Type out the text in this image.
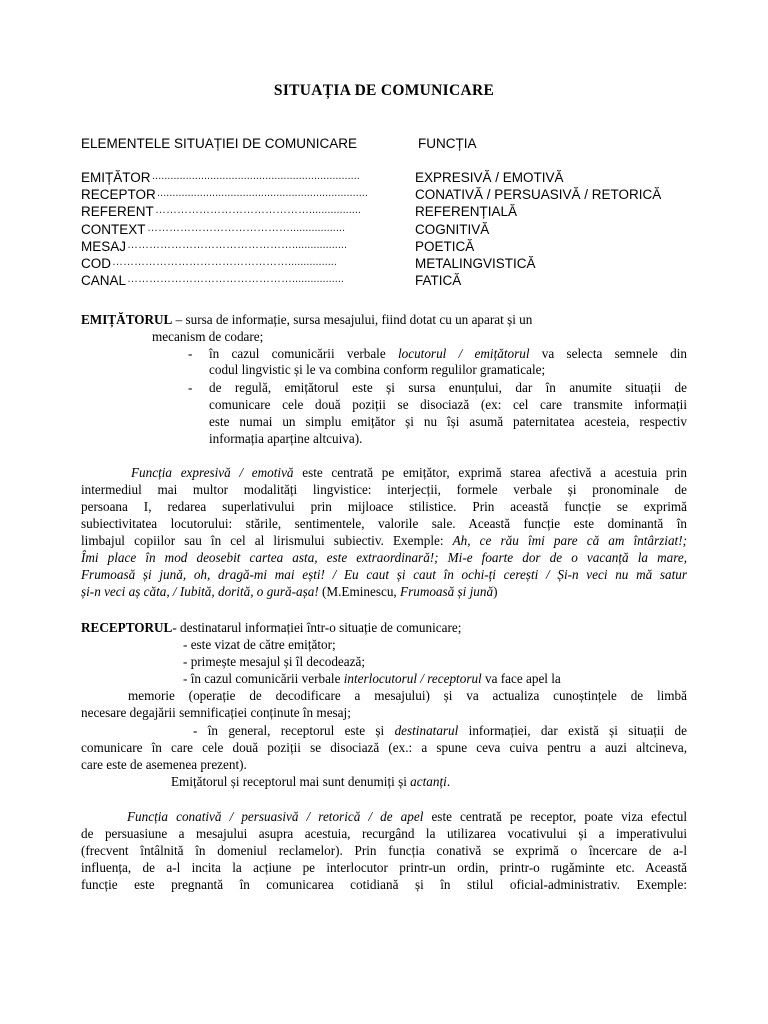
SITUAȚIA DE COMUNICARE
ELEMENTELE SITUAȚIEI DE COMUNICARE	FUNCȚIA
EMIȚĂTOR ....................................................................	EXPRESIVĂ / EMOTIVĂ
RECEPTOR .....................................................................	CONATIVĂ / PERSUASIVĂ / RETORICĂ
REFERENT …………………………………….................	REFERENȚIALĂ
CONTEXT …………………………………..................	COGNITIVĂ
MESAJ ………………………………………..................	POETICĂ
COD …………………………………………................	METALINGVISTICĂ
CANAL ……………………………………….................	FATICĂ
EMIȚĂTORUL – sursa de informație, sursa mesajului, fiind dotat cu un aparat și un
mecanism de codare;
- în cazul comunicării verbale locutorul / emițătorul va selecta semnele din
codul lingvistic și le va combina conform regulilor gramaticale;
- de regulă, emițătorul este și sursa enunțului, dar în anumite situații de
comunicare cele două poziții se disociază (ex: cel care transmite informații
este numai un simplu emițător și nu își asumă paternitatea acesteia, respectiv
informația aparține altcuiva).
Funcția expresivă / emotivă este centrată pe emițător, exprimă starea afectivă a acestuia prin
intermediul mai multor modalități lingvistice: interjecții, formele verbale și pronominale de
persoana I, redarea superlativului prin mijloace stilistice. Prin această funcție se exprimă
subiectivitatea locutorului: stările, sentimentele, valorile sale. Această funcție este dominantă în
limbajul copiilor sau în cel al lirismului subiectiv. Exemple: Ah, ce rău îmi pare că am întârziat!;
Îmi place în mod deosebit cartea asta, este extraordinară!; Mi-e foarte dor de o vacanță la mare,
Frumoasă și jună, oh, dragă-mi mai ești! / Eu caut și caut în ochi-ți cerești / Și-n veci nu mă satur
și-n veci aș căta, / Iubită, dorită, o gură-așa! (M.Eminescu, Frumoasă și jună)
RECEPTORUL- destinatarul informației într-o situație de comunicare;
- este vizat de către emițător;
- primește mesajul și îl decodează;
- în cazul comunicării verbale interlocutorul / receptorul va face apel la
memorie (operație de decodificare a mesajului) și va actualiza cunoștințele de limbă
necesare degajării semnificației conținute în mesaj;
- în general, receptorul este și destinatarul informației, dar există și situații de
comunicare în care cele două poziții se disociază (ex.: a spune ceva cuiva pentru a auzi altcineva,
care este de asemenea prezent).
Emițătorul și receptorul mai sunt denumiți și actanți.
Funcția conativă / persuasivă / retorică / de apel este centrată pe receptor, poate viza efectul
de persuasiune a mesajului asupra acestuia, recurgând la utilizarea vocativului și a imperativului
(frecvent întâlnită în domeniul reclamelor). Prin funcția conativă se exprimă o încercare de a-l
influența, de a-l incita la acțiune pe interlocutor printr-un ordin, printr-o rugăminte etc. Această
funcție este pregnantă în comunicarea cotidiană și în stilul oficial-administrativ. Exemple:
